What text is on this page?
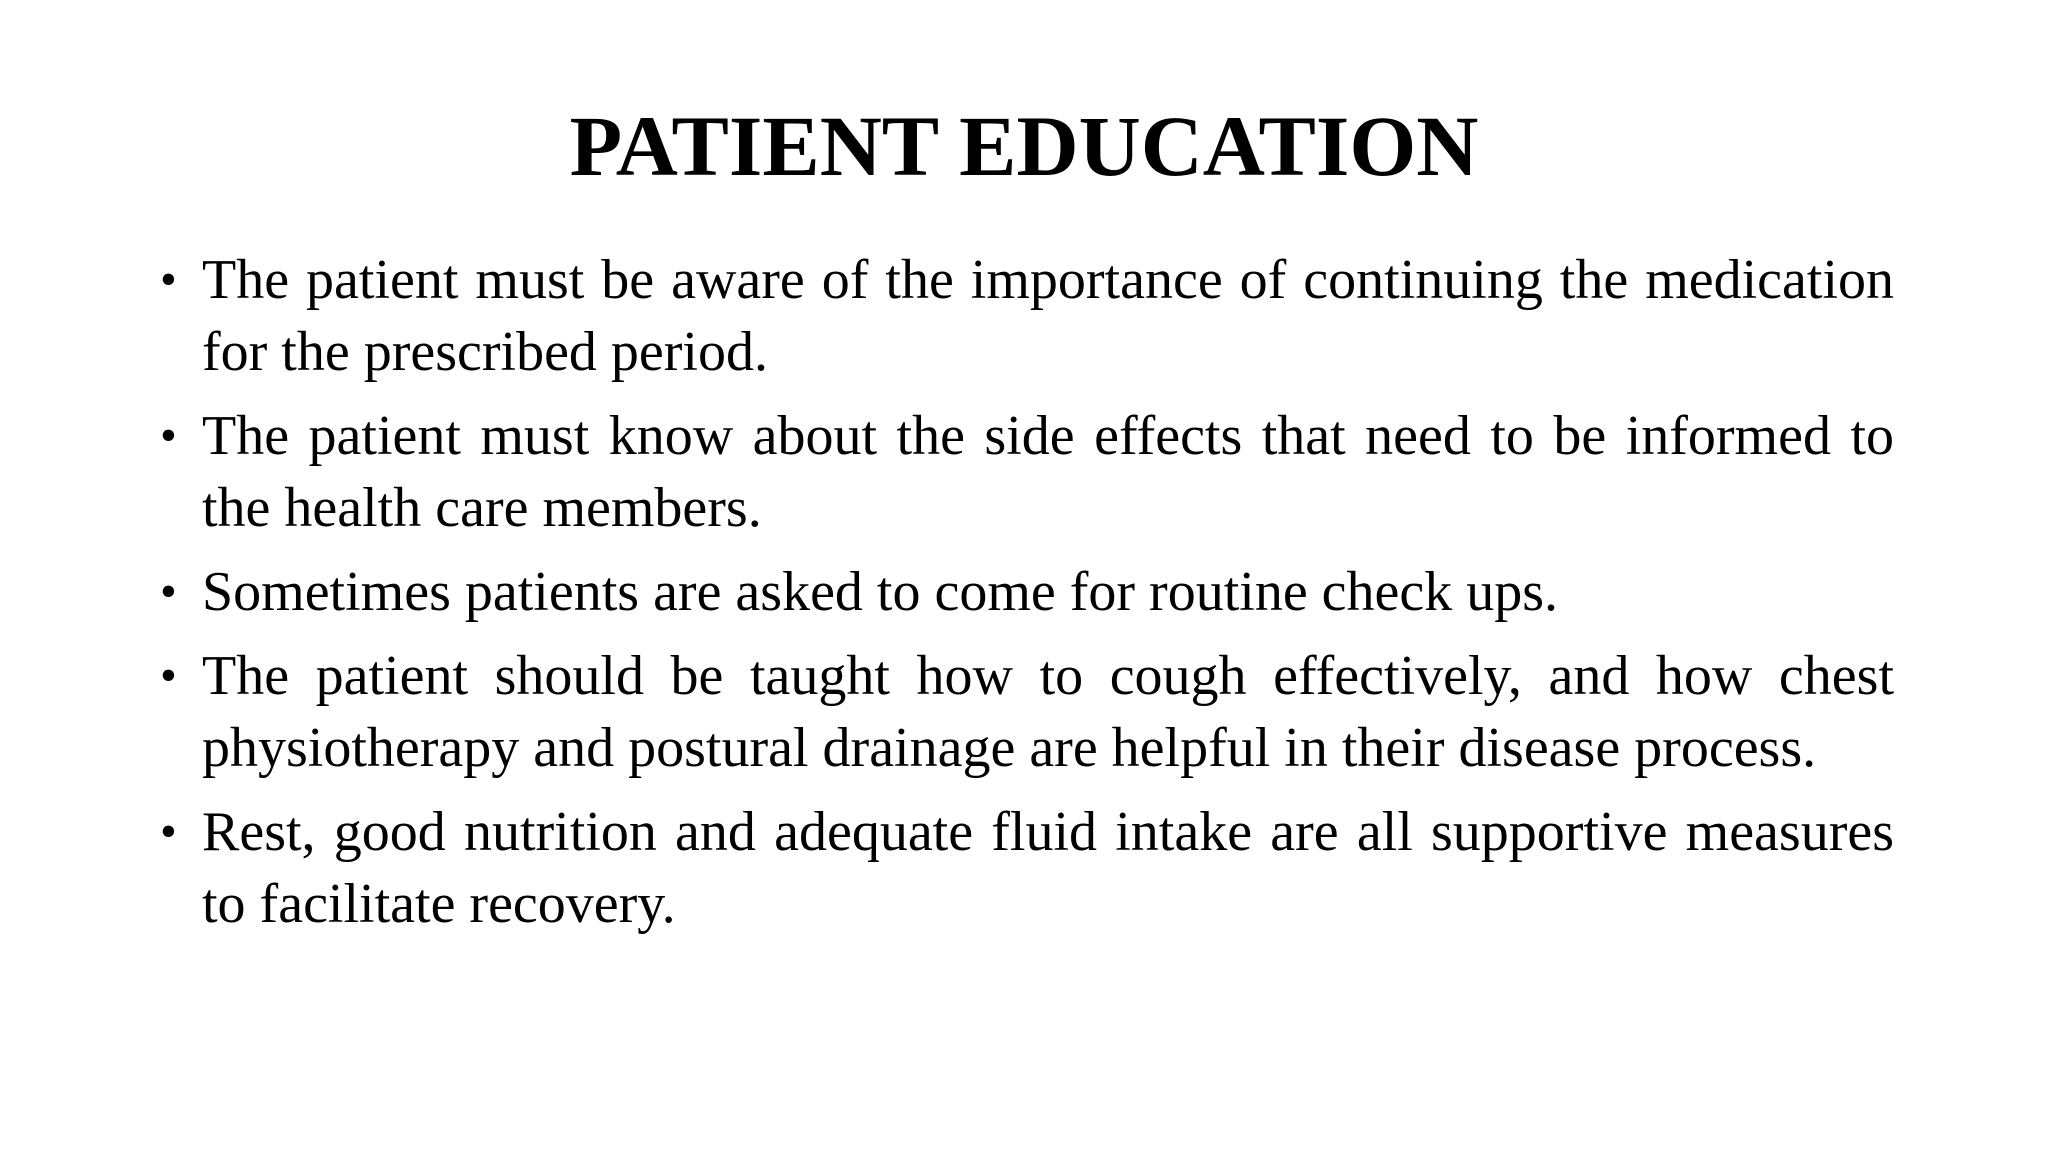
PATIENT EDUCATION
• The patient must be aware of the importance of continuing the medication for the prescribed period.
• The patient must know about the side effects that need to be informed to the health care members.
• Sometimes patients are asked to come for routine check ups.
• The patient should be taught how to cough effectively, and how chest physiotherapy and postural drainage are helpful in their disease process.
• Rest, good nutrition and adequate fluid intake are all supportive measures to facilitate recovery.
